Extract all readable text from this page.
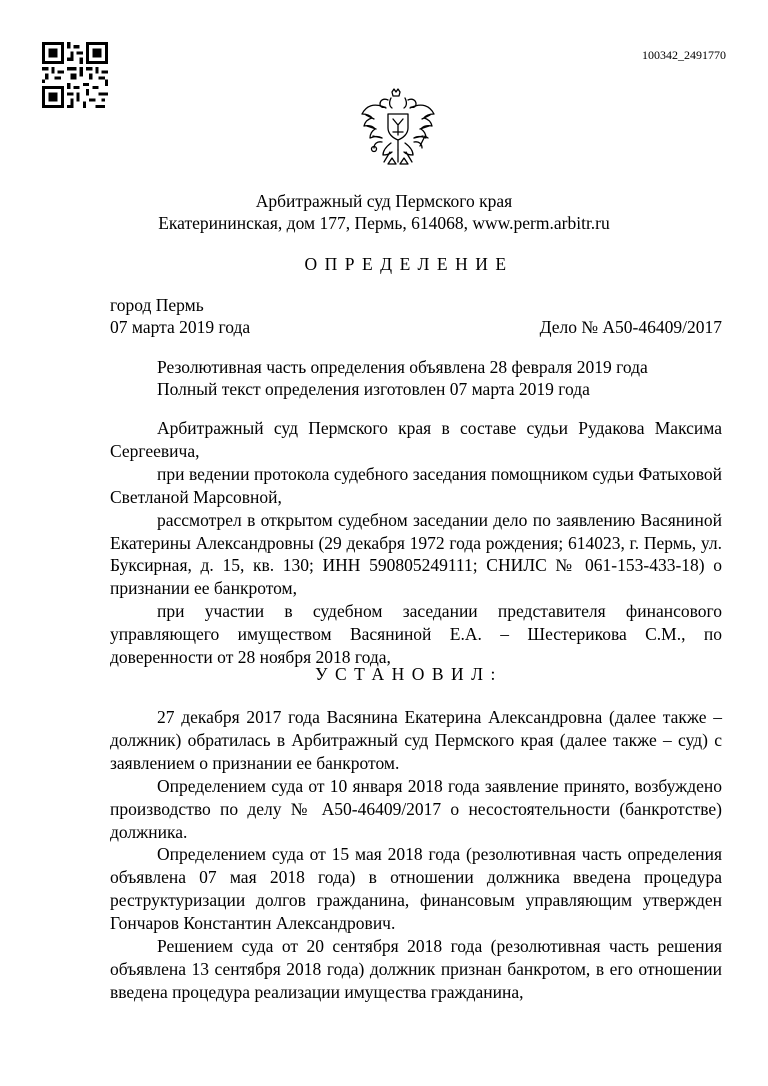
100342_2491770
Арбитражный суд Пермского края
Екатерининская, дом 177, Пермь, 614068, www.perm.arbitr.ru
ОПРЕДЕЛЕНИЕ
город Пермь
07 марта 2019 года	Дело № А50-46409/2017
Резолютивная часть определения объявлена 28 февраля 2019 года
Полный текст определения изготовлен 07 марта 2019 года

Арбитражный суд Пермского края в составе судьи Рудакова Максима Сергеевича,

при ведении протокола судебного заседания помощником судьи Фатыховой Светланой Марсовной,

рассмотрел в открытом судебном заседании дело по заявлению Васяниной Екатерины Александровны (29 декабря 1972 года рождения; 614023, г. Пермь, ул. Буксирная, д. 15, кв. 130; ИНН 590805249111; СНИЛС № 061-153-433-18) о признании ее банкротом,

при участии в судебном заседании представителя финансового управляющего имуществом Васяниной Е.А. – Шестерикова С.М., по доверенности от 28 ноября 2018 года,

УСТАНОВИЛ:

27 декабря 2017 года Васянина Екатерина Александровна (далее также – должник) обратилась в Арбитражный суд Пермского края (далее также – суд) с заявлением о признании ее банкротом.

Определением суда от 10 января 2018 года заявление принято, возбуждено производство по делу № А50-46409/2017 о несостоятельности (банкротстве) должника.

Определением суда от 15 мая 2018 года (резолютивная часть определения объявлена 07 мая 2018 года) в отношении должника введена процедура реструктуризации долгов гражданина, финансовым управляющим утвержден Гончаров Константин Александрович.

Решением суда от 20 сентября 2018 года (резолютивная часть решения объявлена 13 сентября 2018 года) должник признан банкротом, в его отношении введена процедура реализации имущества гражданина,
